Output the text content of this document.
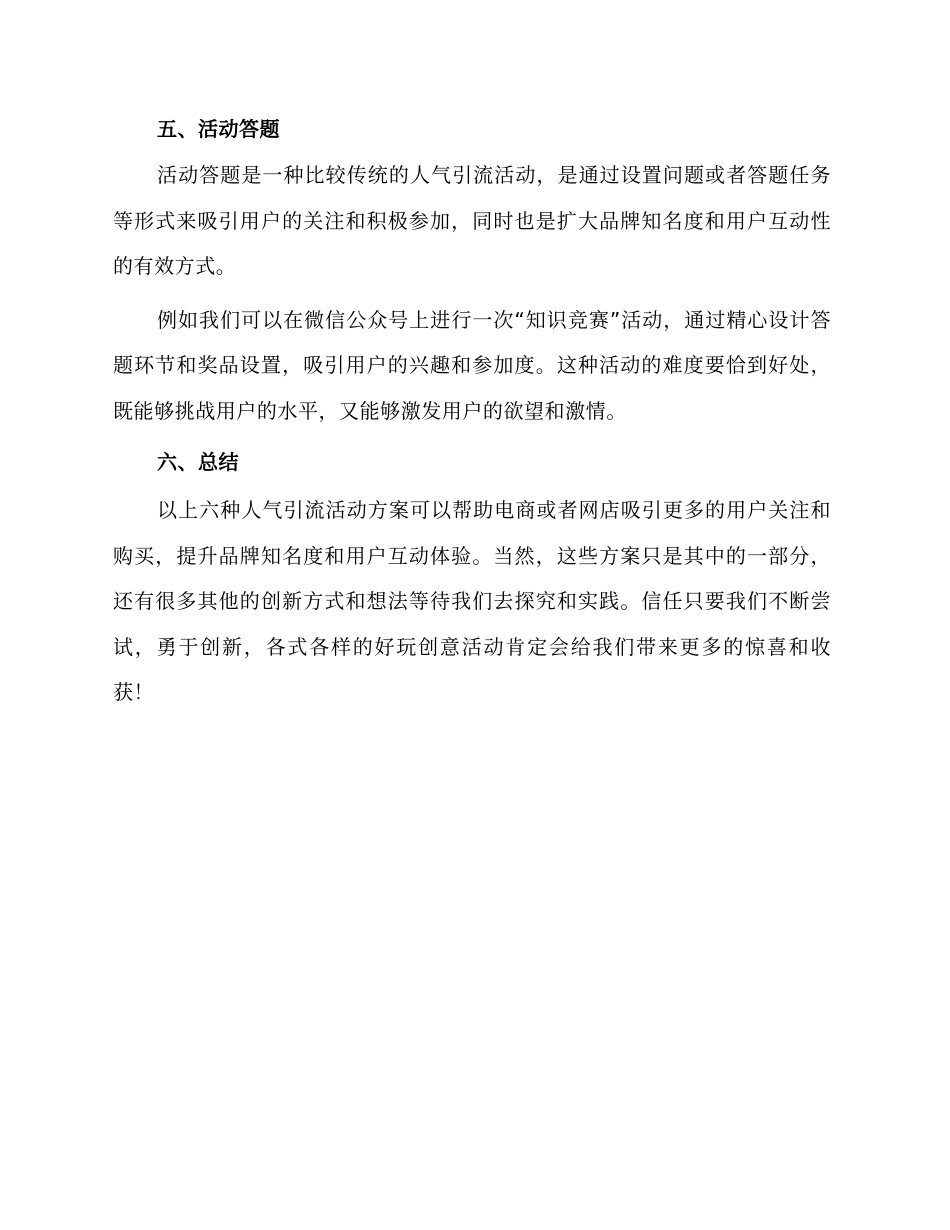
五、活动答题

活动答题是一种比较传统的人气引流活动，是通过设置问题或者答题任务等形式来吸引用户的关注和积极参加，同时也是扩大品牌知名度和用户互动性的有效方式。

例如我们可以在微信公众号上进行一次“知识竞赛”活动，通过精心设计答题环节和奖品设置，吸引用户的兴趣和参加度。这种活动的难度要恰到好处，既能够挑战用户的水平，又能够激发用户的欲望和激情。

六、总结

以上六种人气引流活动方案可以帮助电商或者网店吸引更多的用户关注和购买，提升品牌知名度和用户互动体验。当然，这些方案只是其中的一部分，还有很多其他的创新方式和想法等待我们去探究和实践。信任只要我们不断尝试，勇于创新，各式各样的好玩创意活动肯定会给我们带来更多的惊喜和收获！
